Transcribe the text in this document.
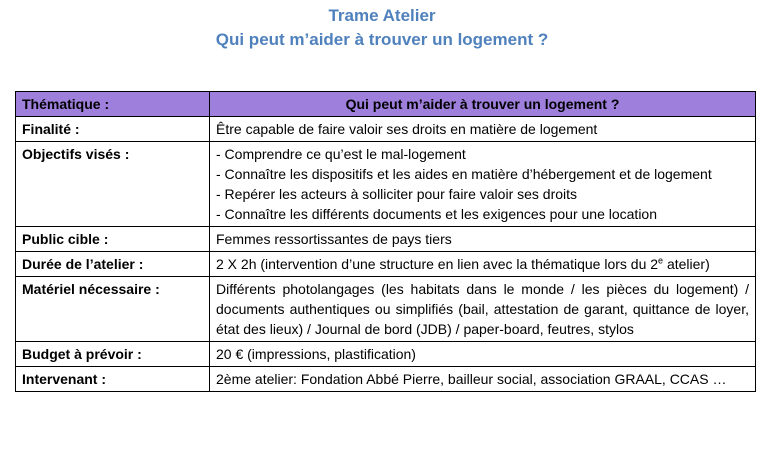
Trame Atelier
Qui peut m’aider à trouver un logement ?
Thématique :	Qui peut m’aider à trouver un logement ?
Finalité :	Être capable de faire valoir ses droits en matière de logement
Objectifs visés :	- Comprendre ce qu’est le mal-logement
- Connaître les dispositifs et les aides en matière d’hébergement et de logement
- Repérer les acteurs à solliciter pour faire valoir ses droits
- Connaître les différents documents et les exigences pour une location

Public cible :	Femmes ressortissantes de pays tiers
Durée de l’atelier :	2 X 2h (intervention d’une structure en lien avec la thématique lors du 2e atelier)
Matériel nécessaire :	Différents photolangages (les habitats dans le monde / les pièces du logement) / documents authentiques ou simplifiés (bail, attestation de garant, quittance de loyer, état des lieux) / Journal de bord (JDB) / paper-board, feutres, stylos
Budget à prévoir :	20 € (impressions, plastification)
Intervenant :	2ème atelier: Fondation Abbé Pierre, bailleur social, association GRAAL, CCAS …
